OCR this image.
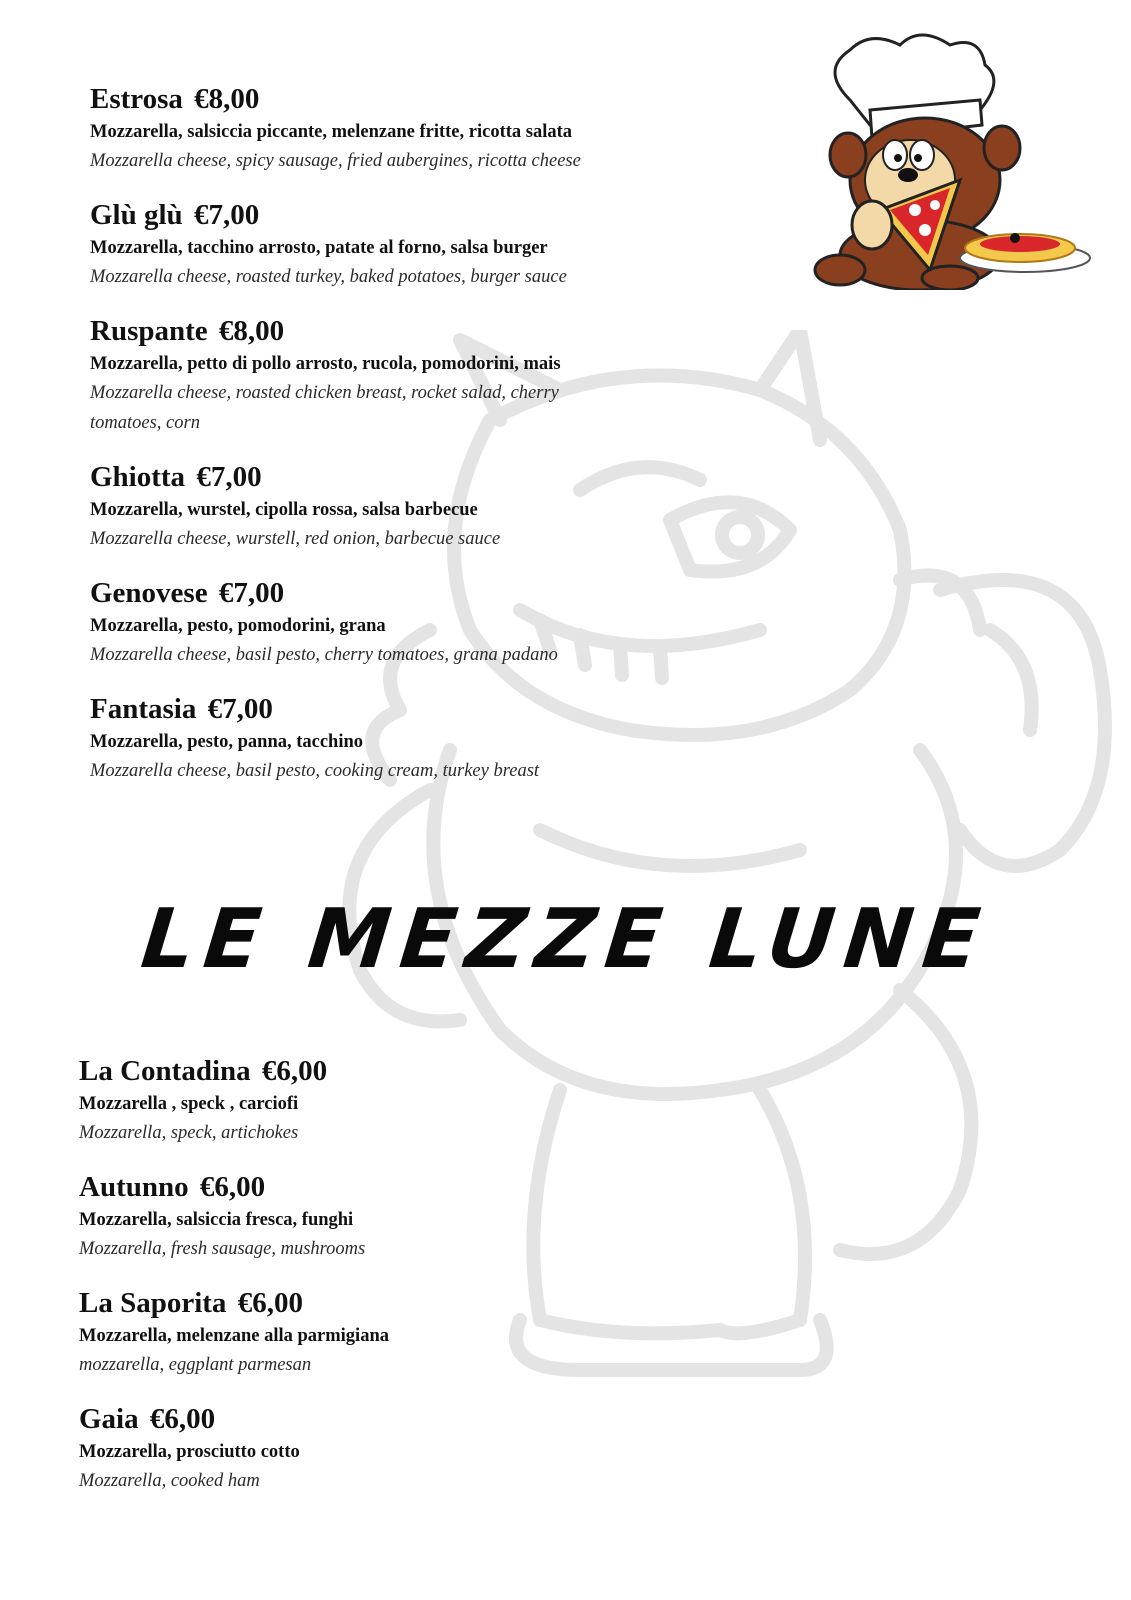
Estrosa €8,00
Mozzarella, salsiccia piccante, melenzane fritte, ricotta salata
Mozzarella cheese, spicy sausage, fried aubergines, ricotta cheese
Glù glù €7,00
Mozzarella, tacchino arrosto, patate al forno, salsa burger
Mozzarella cheese, roasted turkey, baked potatoes, burger sauce
Ruspante €8,00
Mozzarella, petto di pollo arrosto, rucola, pomodorini, mais
Mozzarella cheese, roasted chicken breast, rocket salad, cherry tomatoes, corn
Ghiotta €7,00
Mozzarella, wurstel, cipolla rossa, salsa barbecue
Mozzarella cheese, wurstell, red onion, barbecue sauce
Genovese €7,00
Mozzarella, pesto, pomodorini, grana
Mozzarella cheese, basil pesto, cherry tomatoes, grana padano
Fantasia €7,00
Mozzarella, pesto, panna, tacchino
Mozzarella cheese, basil pesto, cooking cream, turkey breast
LE MEZZE LUNE
La Contadina €6,00
Mozzarella , speck , carciofi
Mozzarella, speck, artichokes
Autunno €6,00
Mozzarella, salsiccia fresca, funghi
Mozzarella, fresh sausage, mushrooms
La Saporita €6,00
Mozzarella, melenzane alla parmigiana
mozzarella, eggplant parmesan
Gaia €6,00
Mozzarella, prosciutto cotto
Mozzarella, cooked ham
